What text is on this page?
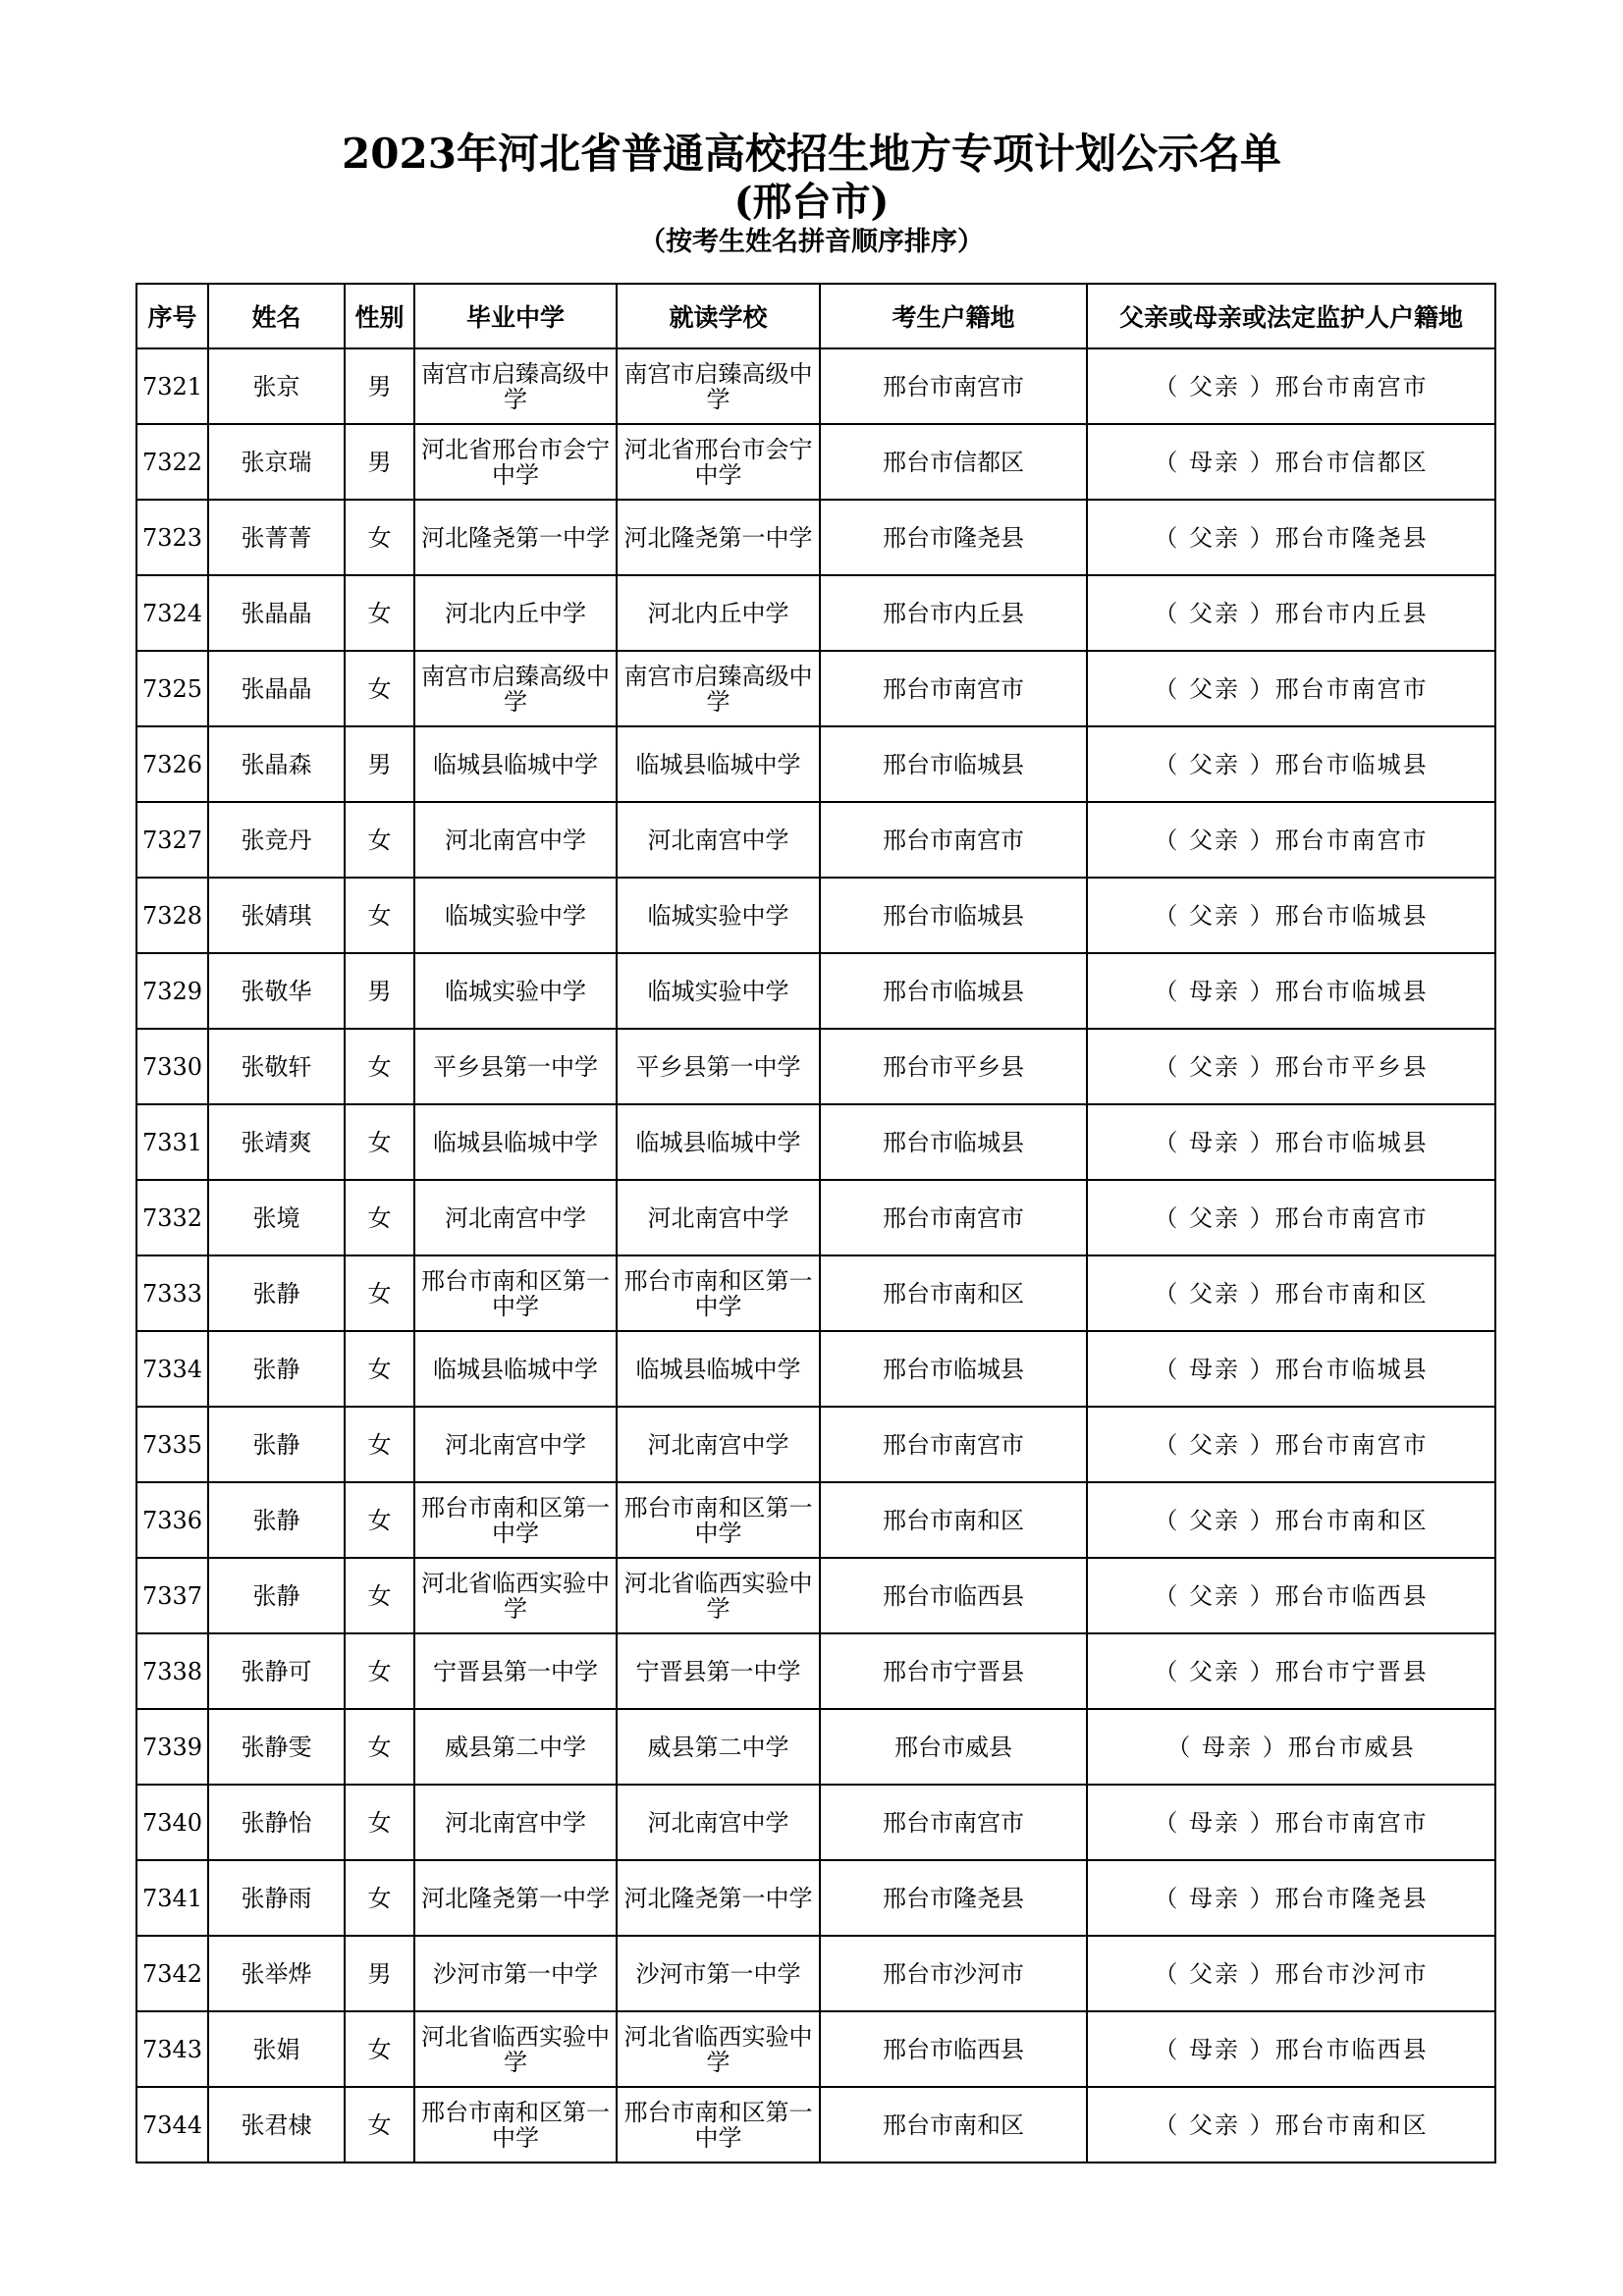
2023年河北省普通高校招生地方专项计划公示名单
(邢台市)
（按考生姓名拼音顺序排序）
序号	姓名	性别	毕业中学	就读学校	考生户籍地	父亲或母亲或法定监护人户籍地
7321	张京	男	南宫市启臻高级中学	南宫市启臻高级中学	邢台市南宫市	（ 父亲 ）邢台市南宫市
7322	张京瑞	男	河北省邢台市会宁中学	河北省邢台市会宁中学	邢台市信都区	（ 母亲 ）邢台市信都区
7323	张菁菁	女	河北隆尧第一中学	河北隆尧第一中学	邢台市隆尧县	（ 父亲 ）邢台市隆尧县
7324	张晶晶	女	河北内丘中学	河北内丘中学	邢台市内丘县	（ 父亲 ）邢台市内丘县
7325	张晶晶	女	南宫市启臻高级中学	南宫市启臻高级中学	邢台市南宫市	（ 父亲 ）邢台市南宫市
7326	张晶森	男	临城县临城中学	临城县临城中学	邢台市临城县	（ 父亲 ）邢台市临城县
7327	张竞丹	女	河北南宫中学	河北南宫中学	邢台市南宫市	（ 父亲 ）邢台市南宫市
7328	张婧琪	女	临城实验中学	临城实验中学	邢台市临城县	（ 父亲 ）邢台市临城县
7329	张敬华	男	临城实验中学	临城实验中学	邢台市临城县	（ 母亲 ）邢台市临城县
7330	张敬轩	女	平乡县第一中学	平乡县第一中学	邢台市平乡县	（ 父亲 ）邢台市平乡县
7331	张靖爽	女	临城县临城中学	临城县临城中学	邢台市临城县	（ 母亲 ）邢台市临城县
7332	张境	女	河北南宫中学	河北南宫中学	邢台市南宫市	（ 父亲 ）邢台市南宫市
7333	张静	女	邢台市南和区第一中学	邢台市南和区第一中学	邢台市南和区	（ 父亲 ）邢台市南和区
7334	张静	女	临城县临城中学	临城县临城中学	邢台市临城县	（ 母亲 ）邢台市临城县
7335	张静	女	河北南宫中学	河北南宫中学	邢台市南宫市	（ 父亲 ）邢台市南宫市
7336	张静	女	邢台市南和区第一中学	邢台市南和区第一中学	邢台市南和区	（ 父亲 ）邢台市南和区
7337	张静	女	河北省临西实验中学	河北省临西实验中学	邢台市临西县	（ 父亲 ）邢台市临西县
7338	张静可	女	宁晋县第一中学	宁晋县第一中学	邢台市宁晋县	（ 父亲 ）邢台市宁晋县
7339	张静雯	女	威县第二中学	威县第二中学	邢台市威县	（ 母亲 ）邢台市威县
7340	张静怡	女	河北南宫中学	河北南宫中学	邢台市南宫市	（ 母亲 ）邢台市南宫市
7341	张静雨	女	河北隆尧第一中学	河北隆尧第一中学	邢台市隆尧县	（ 母亲 ）邢台市隆尧县
7342	张举烨	男	沙河市第一中学	沙河市第一中学	邢台市沙河市	（ 父亲 ）邢台市沙河市
7343	张娟	女	河北省临西实验中学	河北省临西实验中学	邢台市临西县	（ 母亲 ）邢台市临西县
7344	张君棣	女	邢台市南和区第一中学	邢台市南和区第一中学	邢台市南和区	（ 父亲 ）邢台市南和区
